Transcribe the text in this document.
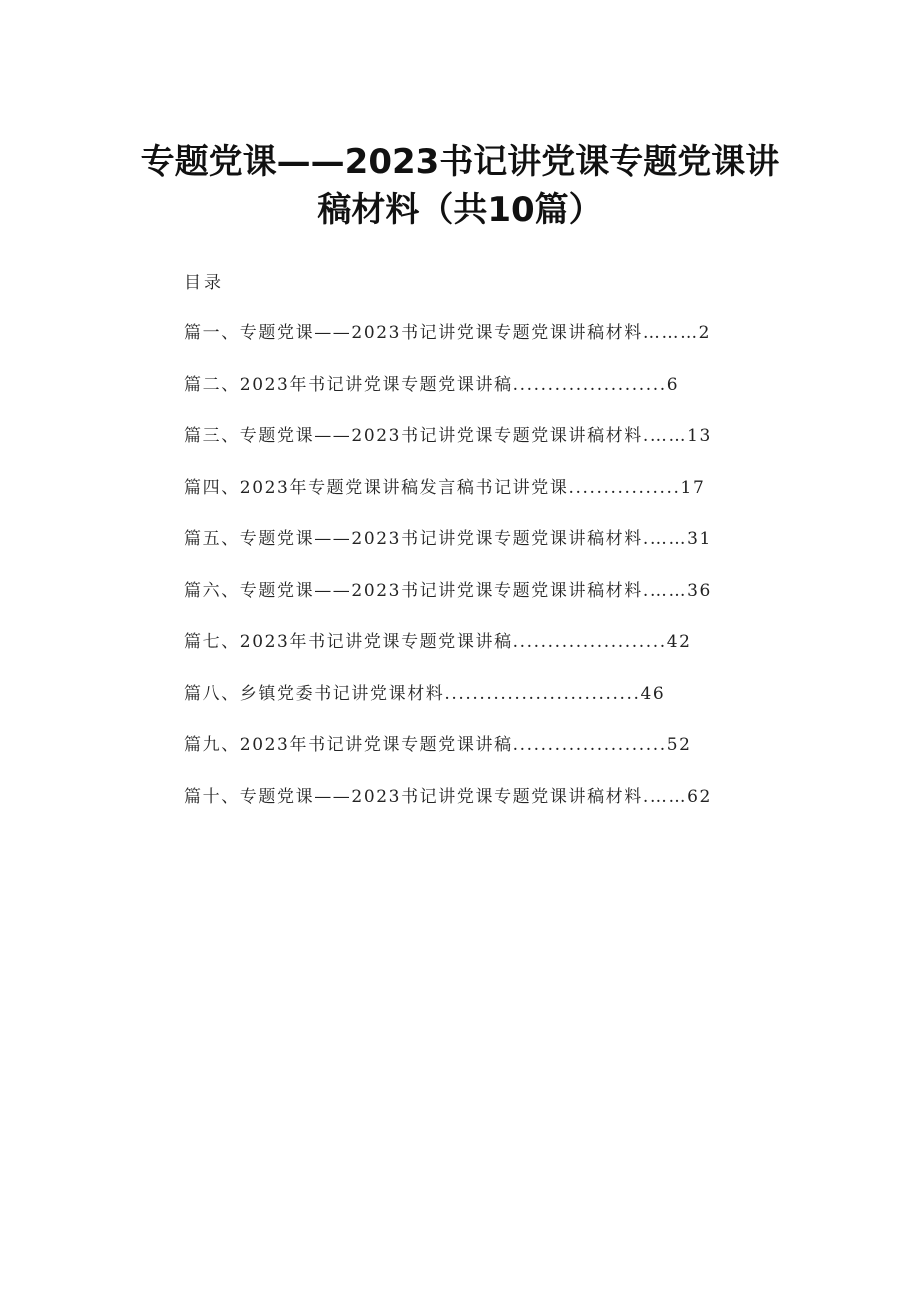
专题党课——2023书记讲党课专题党课讲
稿材料（共10篇）
目录
篇一、专题党课——2023书记讲党课专题党课讲稿材料………2
篇二、2023年书记讲党课专题党课讲稿......................6
篇三、专题党课——2023书记讲党课专题党课讲稿材料.……13
篇四、2023年专题党课讲稿发言稿书记讲党课................17
篇五、专题党课——2023书记讲党课专题党课讲稿材料.……31
篇六、专题党课——2023书记讲党课专题党课讲稿材料.……36
篇七、2023年书记讲党课专题党课讲稿......................42
篇八、乡镇党委书记讲党课材料............................46
篇九、2023年书记讲党课专题党课讲稿......................52
篇十、专题党课——2023书记讲党课专题党课讲稿材料.……62
